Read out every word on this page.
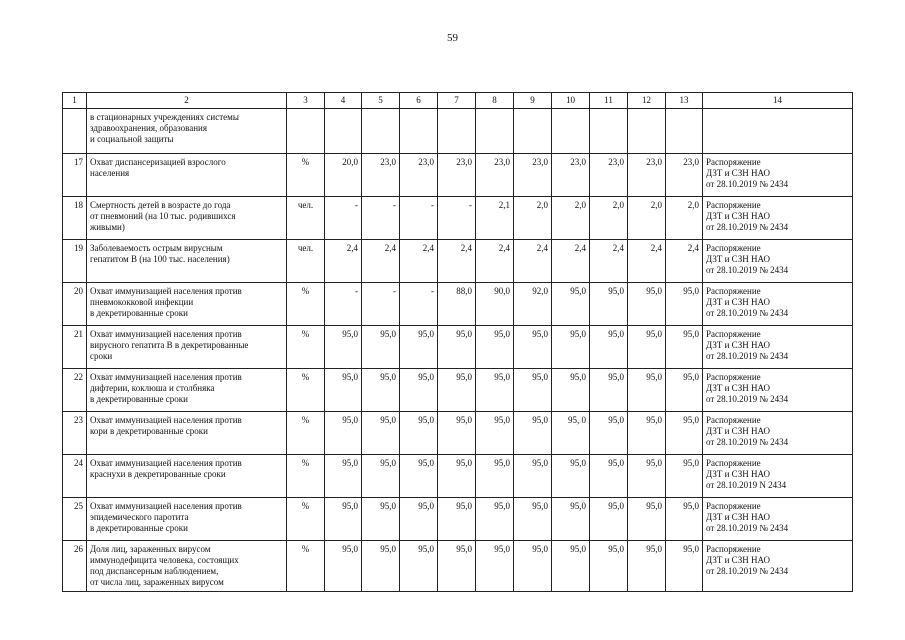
59
1	2	3	4	5	6	7	8	9	10	11	12	13	14
	в стационарных учреждениях системы
здравоохранения, образования
и социальной защиты												
17	Охват диспансеризацией взрослого
населения	%	20,0	23,0	23,0	23,0	23,0	23,0	23,0	23,0	23,0	23,0	Распоряжение
ДЗТ и СЗН НАО
от 28.10.2019 № 2434
18	Смертность детей в возрасте до года
от пневмоний (на 10 тыс. родившихся
живыми)	чел.	-	-	-	-	2,1	2,0	2,0	2,0	2,0	2,0	Распоряжение
ДЗТ и СЗН НАО
от 28.10.2019 № 2434
19	Заболеваемость острым вирусным
гепатитом В (на 100 тыс. населения)	чел.	2,4	2,4	2,4	2,4	2,4	2,4	2,4	2,4	2,4	2,4	Распоряжение
ДЗТ и СЗН НАО
от 28.10.2019 № 2434
20	Охват иммунизацией населения против
пневмококковой инфекции
в декретированные сроки	%	-	-	-	88,0	90,0	92,0	95,0	95,0	95,0	95,0	Распоряжение
ДЗТ и СЗН НАО
от 28.10.2019 № 2434
21	Охват иммунизацией населения против
вирусного гепатита В в декретированные
сроки	%	95,0	95,0	95,0	95,0	95,0	95,0	95,0	95,0	95,0	95,0	Распоряжение
ДЗТ и СЗН НАО
от 28.10.2019 № 2434
22	Охват иммунизацией населения против
дифтерии, коклюша и столбняка
в декретированные сроки	%	95,0	95,0	95,0	95,0	95,0	95,0	95,0	95,0	95,0	95,0	Распоряжение
ДЗТ и СЗН НАО
от 28.10.2019 № 2434
23	Охват иммунизацией населения против
кори в декретированные сроки	%	95,0	95,0	95,0	95,0	95,0	95,0	95, 0	95,0	95,0	95,0	Распоряжение
ДЗТ и СЗН НАО
от 28.10.2019 № 2434
24	Охват иммунизацией населения против
краснухи в декретированные сроки	%	95,0	95,0	95,0	95,0	95,0	95,0	95,0	95,0	95,0	95,0	Распоряжение
ДЗТ и СЗН НАО
от 28.10.2019 N 2434
25	Охват иммунизацией населения против
эпидемического паротита
в декретированные сроки	%	95,0	95,0	95,0	95,0	95,0	95,0	95,0	95,0	95,0	95,0	Распоряжение
ДЗТ и СЗН НАО
от 28.10.2019 № 2434
26	Доля лиц, зараженных вирусом
иммунодефицита человека, состоящих
под диспансерным наблюдением,
от числа лиц, зараженных вирусом	%	95,0	95,0	95,0	95,0	95,0	95,0	95,0	95,0	95,0	95,0	Распоряжение
ДЗТ и СЗН НАО
от 28.10.2019 № 2434
